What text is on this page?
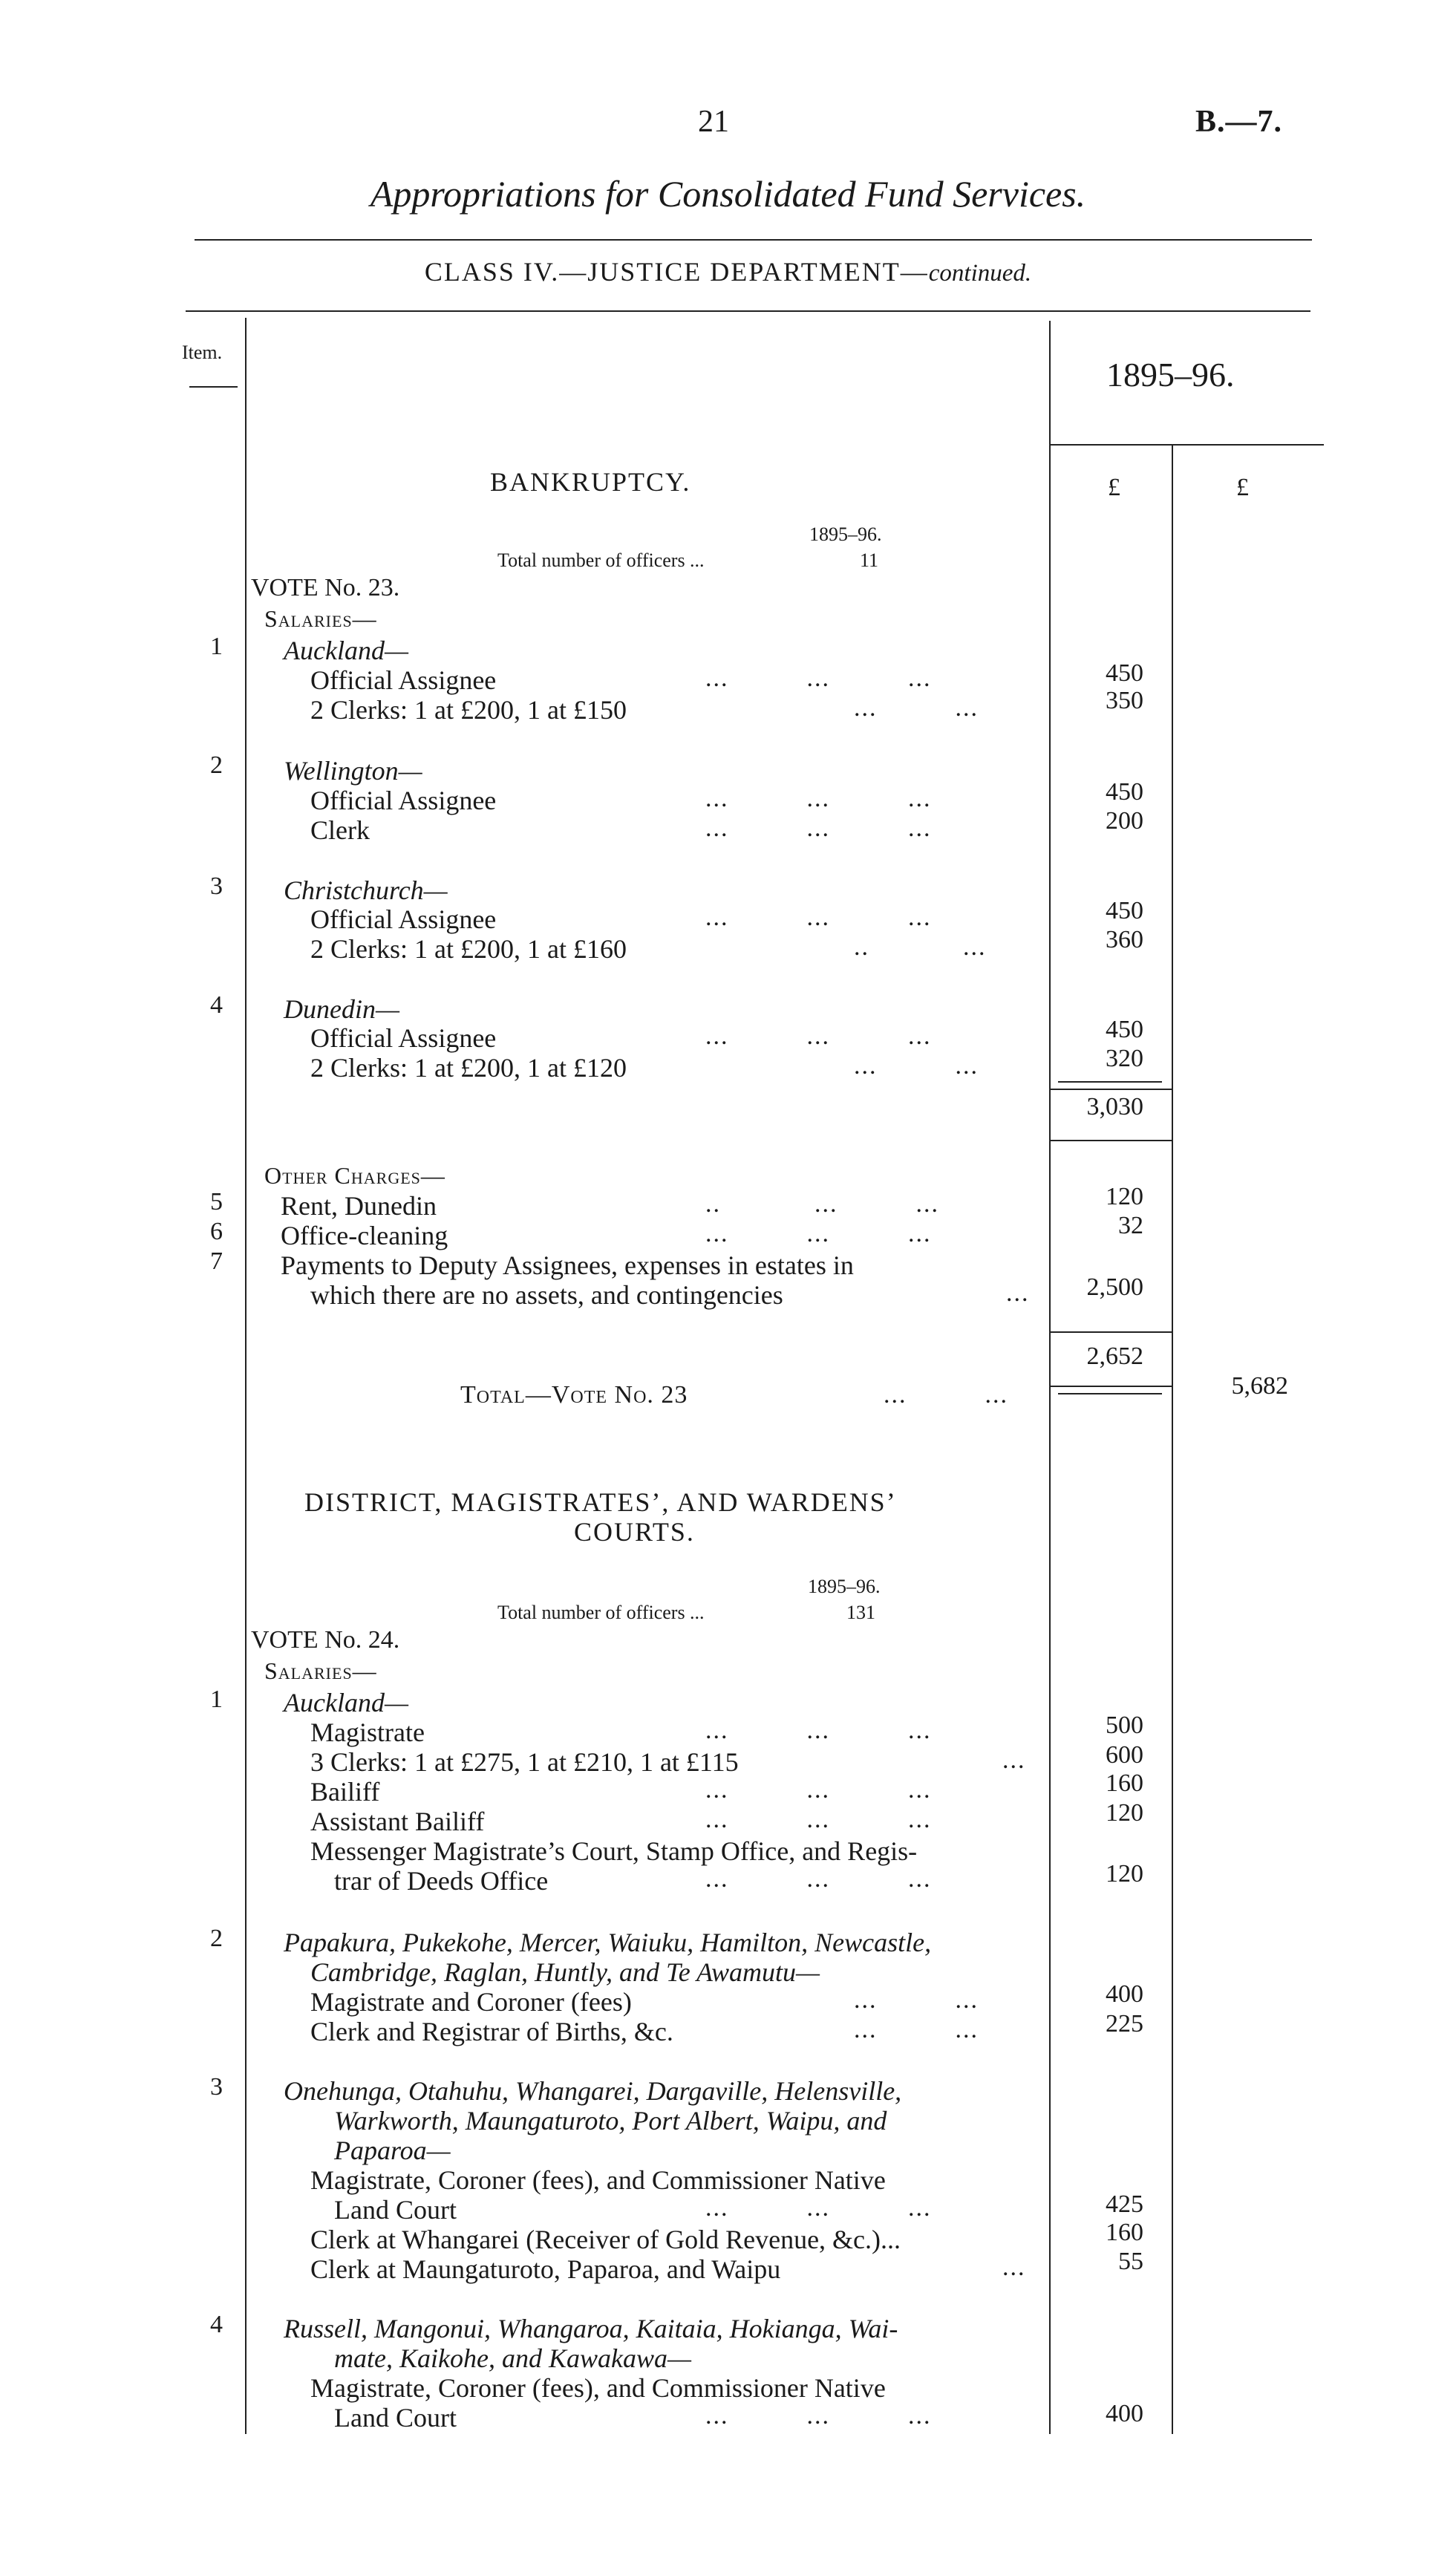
21	B.—7.
Appropriations for Consolidated Fund Services.
CLASS IV.—JUSTICE DEPARTMENT—continued.
Item.
1895–96.
£	£
BANKRUPTCY.
1895–96.
Total number of officers ...	11
VOTE No. 23.
Salaries—
1 Auckland—
Official Assignee	...          ...          ...	450
2 Clerks: 1 at £200, 1 at £150	...          ...	350
2 Wellington—
Official Assignee	...          ...          ...	450
Clerk	...          ...          ...	200
3 Christchurch—
Official Assignee	...          ...          ...	450
2 Clerks: 1 at £200, 1 at £160	..            ...	360
4 Dunedin—
Official Assignee	...          ...          ...	450
2 Clerks: 1 at £200, 1 at £120	...          ...	320
3,030
Other Charges—
5 Rent, Dunedin	..            ...          ...	120
6 Office-cleaning	...          ...          ...	32
7 Payments to Deputy Assignees, expenses in estates in
which there are no assets, and contingencies	...	2,500
2,652
Total—Vote No. 23	...          ...	5,682
DISTRICT, MAGISTRATES’, AND WARDENS’
COURTS.
1895–96.
Total number of officers ...	131
VOTE No. 24.
Salaries—
1 Auckland—
Magistrate	...          ...          ...	500
3 Clerks: 1 at £275, 1 at £210, 1 at £115	...	600
Bailiff	...          ...          ...	160
Assistant Bailiff	...          ...          ...	120
Messenger Magistrate’s Court, Stamp Office, and Regis-
trar of Deeds Office	...          ...          ...	120
2 Papakura, Pukekohe, Mercer, Waiuku, Hamilton, Newcastle,
Cambridge, Raglan, Huntly, and Te Awamutu—
Magistrate and Coroner (fees)	...          ...	400
Clerk and Registrar of Births, &c.	...          ...	225
3 Onehunga, Otahuhu, Whangarei, Dargaville, Helensville,
Warkworth, Maungaturoto, Port Albert, Waipu, and
Paparoa—
Magistrate, Coroner (fees), and Commissioner Native
Land Court	...          ...          ...	425
Clerk at Whangarei (Receiver of Gold Revenue, &c.)...	160
Clerk at Maungaturoto, Paparoa, and Waipu	...	55
4 Russell, Mangonui, Whangaroa, Kaitaia, Hokianga, Wai-
mate, Kaikohe, and Kawakawa—
Magistrate, Coroner (fees), and Commissioner Native
Land Court	...          ...          ...	400
